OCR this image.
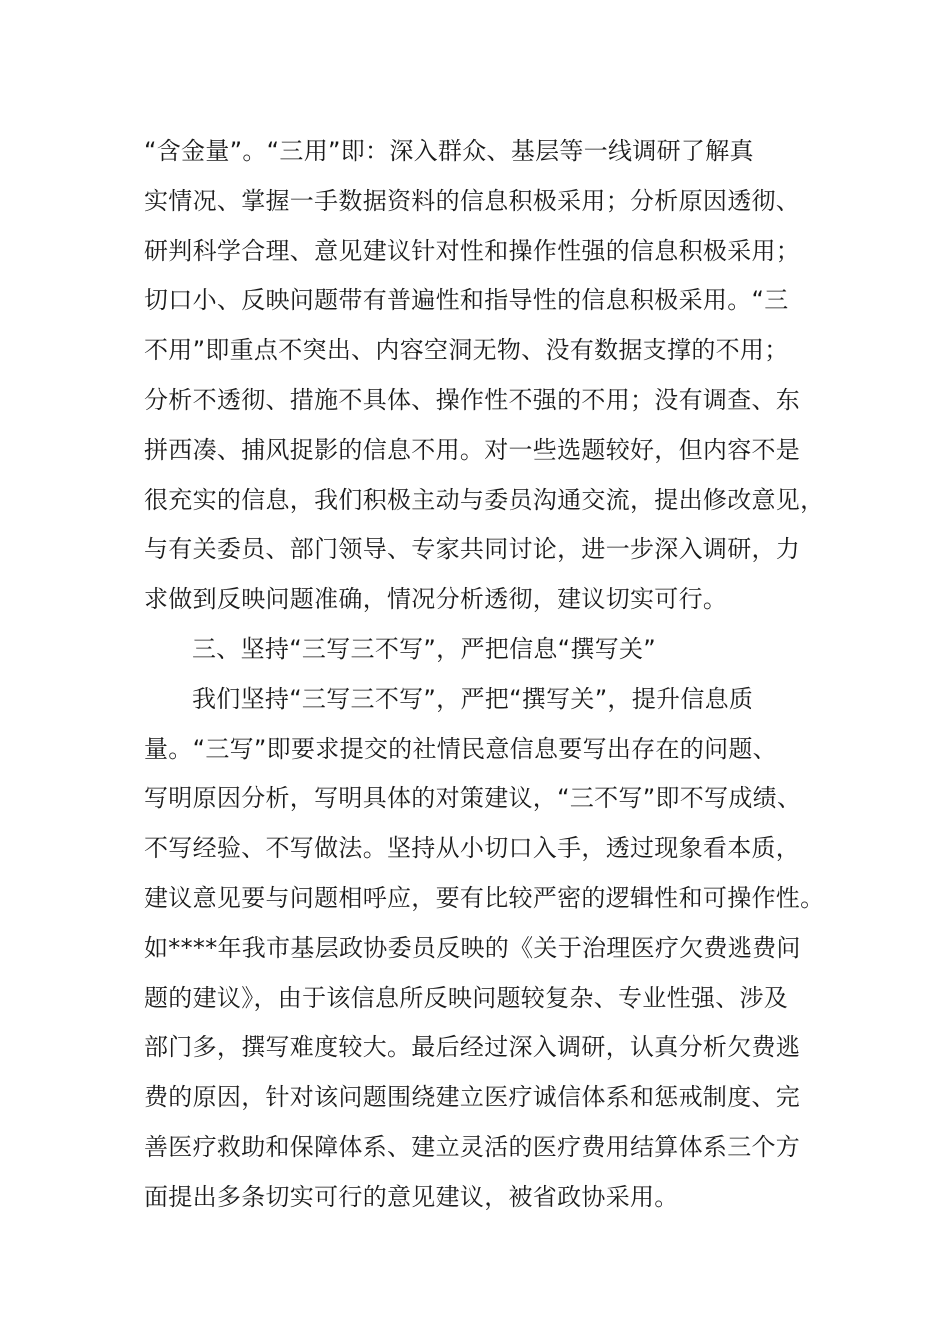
“含金量”。“三用”即：深入群众、基层等一线调研了解真
实情况、掌握一手数据资料的信息积极采用；分析原因透彻、
研判科学合理、意见建议针对性和操作性强的信息积极采用；
切口小、反映问题带有普遍性和指导性的信息积极采用。“三
不用”即重点不突出、内容空洞无物、没有数据支撑的不用；
分析不透彻、措施不具体、操作性不强的不用；没有调查、东
拼西凑、捕风捉影的信息不用。对一些选题较好，但内容不是
很充实的信息，我们积极主动与委员沟通交流，提出修改意见，
与有关委员、部门领导、专家共同讨论，进一步深入调研，力
求做到反映问题准确，情况分析透彻，建议切实可行。
三、坚持“三写三不写”，严把信息“撰写关”
我们坚持“三写三不写”，严把“撰写关”，提升信息质
量。“三写”即要求提交的社情民意信息要写出存在的问题、
写明原因分析，写明具体的对策建议，“三不写”即不写成绩、
不写经验、不写做法。坚持从小切口入手，透过现象看本质，
建议意见要与问题相呼应，要有比较严密的逻辑性和可操作性。
如****年我市基层政协委员反映的《关于治理医疗欠费逃费问
题的建议》，由于该信息所反映问题较复杂、专业性强、涉及
部门多，撰写难度较大。最后经过深入调研，认真分析欠费逃
费的原因，针对该问题围绕建立医疗诚信体系和惩戒制度、完
善医疗救助和保障体系、建立灵活的医疗费用结算体系三个方
面提出多条切实可行的意见建议，被省政协采用。
